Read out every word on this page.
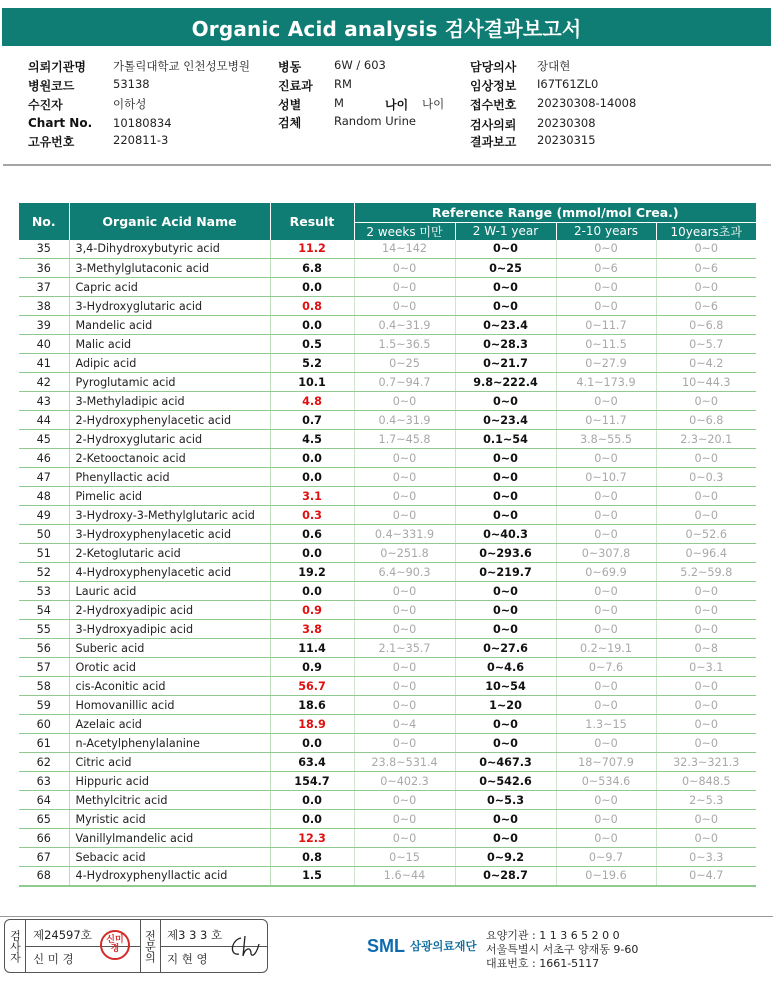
Organic Acid analysis 검사결과보고서
의뢰기관명 가톨릭대학교 인천성모병원
병원코드	53138
수진자	이하성
Chart No. 10180834
고유번호	220811-3
병동	6W / 603
진료과 RM
성별	M	나이 나이
검체	Random Urine
담당의사 장대현
임상정보 I67T61ZL0
접수번호 20230308-14008
검사의뢰 20230308
결과보고 20230315
No.	Organic Acid Name	Result	Reference Range (mmol/mol Crea.)			
			2 weeks 미만	2 W-1 year	2-10 years	10years초과
35	3,4-Dihydroxybutyric acid	11.2	14~142	0~0	0~0	0~0
36	3-Methylglutaconic acid	6.8	0~0	0~25	0~6	0~6
37	Capric acid	0.0	0~0	0~0	0~0	0~0
38	3-Hydroxyglutaric acid	0.8	0~0	0~0	0~0	0~6
39	Mandelic acid	0.0	0.4~31.9	0~23.4	0~11.7	0~6.8
40	Malic acid	0.5	1.5~36.5	0~28.3	0~11.5	0~5.7
41	Adipic acid	5.2	0~25	0~21.7	0~27.9	0~4.2
42	Pyroglutamic acid	10.1	0.7~94.7	9.8~222.4	4.1~173.9	10~44.3
43	3-Methyladipic acid	4.8	0~0	0~0	0~0	0~0
44	2-Hydroxyphenylacetic acid	0.7	0.4~31.9	0~23.4	0~11.7	0~6.8
45	2-Hydroxyglutaric acid	4.5	1.7~45.8	0.1~54	3.8~55.5	2.3~20.1
46	2-Ketooctanoic acid	0.0	0~0	0~0	0~0	0~0
47	Phenyllactic acid	0.0	0~0	0~0	0~10.7	0~0.3
48	Pimelic acid	3.1	0~0	0~0	0~0	0~0
49	3-Hydroxy-3-Methylglutaric acid	0.3	0~0	0~0	0~0	0~0
50	3-Hydroxyphenylacetic acid	0.6	0.4~331.9	0~40.3	0~0	0~52.6
51	2-Ketoglutaric acid	0.0	0~251.8	0~293.6	0~307.8	0~96.4
52	4-Hydroxyphenylacetic acid	19.2	6.4~90.3	0~219.7	0~69.9	5.2~59.8
53	Lauric acid	0.0	0~0	0~0	0~0	0~0
54	2-Hydroxyadipic acid	0.9	0~0	0~0	0~0	0~0
55	3-Hydroxyadipic acid	3.8	0~0	0~0	0~0	0~0
56	Suberic acid	11.4	2.1~35.7	0~27.6	0.2~19.1	0~8
57	Orotic acid	0.9	0~0	0~4.6	0~7.6	0~3.1
58	cis-Aconitic acid	56.7	0~0	10~54	0~0	0~0
59	Homovanillic acid	18.6	0~0	1~20	0~0	0~0
60	Azelaic acid	18.9	0~4	0~0	1.3~15	0~0
61	n-Acetylphenylalanine	0.0	0~0	0~0	0~0	0~0
62	Citric acid	63.4	23.8~531.4	0~467.3	18~707.9	32.3~321.3
63	Hippuric acid	154.7	0~402.3	0~542.6	0~534.6	0~848.5
64	Methylcitric acid	0.0	0~0	0~5.3	0~0	2~5.3
65	Myristic acid	0.0	0~0	0~0	0~0	0~0
66	Vanillylmandelic acid	12.3	0~0	0~0	0~0	0~0
67	Sebacic acid	0.8	0~15	0~9.2	0~9.7	0~3.3
68	4-Hydroxyphenyllactic acid	1.5	1.6~44	0~28.7	0~19.6	0~4.7
검사자	제24597호
신 미 경
신미경	전문의 제3 3 3 호
지 현 영
SML 삼광의료재단
요양기관 : 1 1 3 6 5 2 0 0
서울특별시 서초구 양재동 9-60
대표번호 : 1661-5117
